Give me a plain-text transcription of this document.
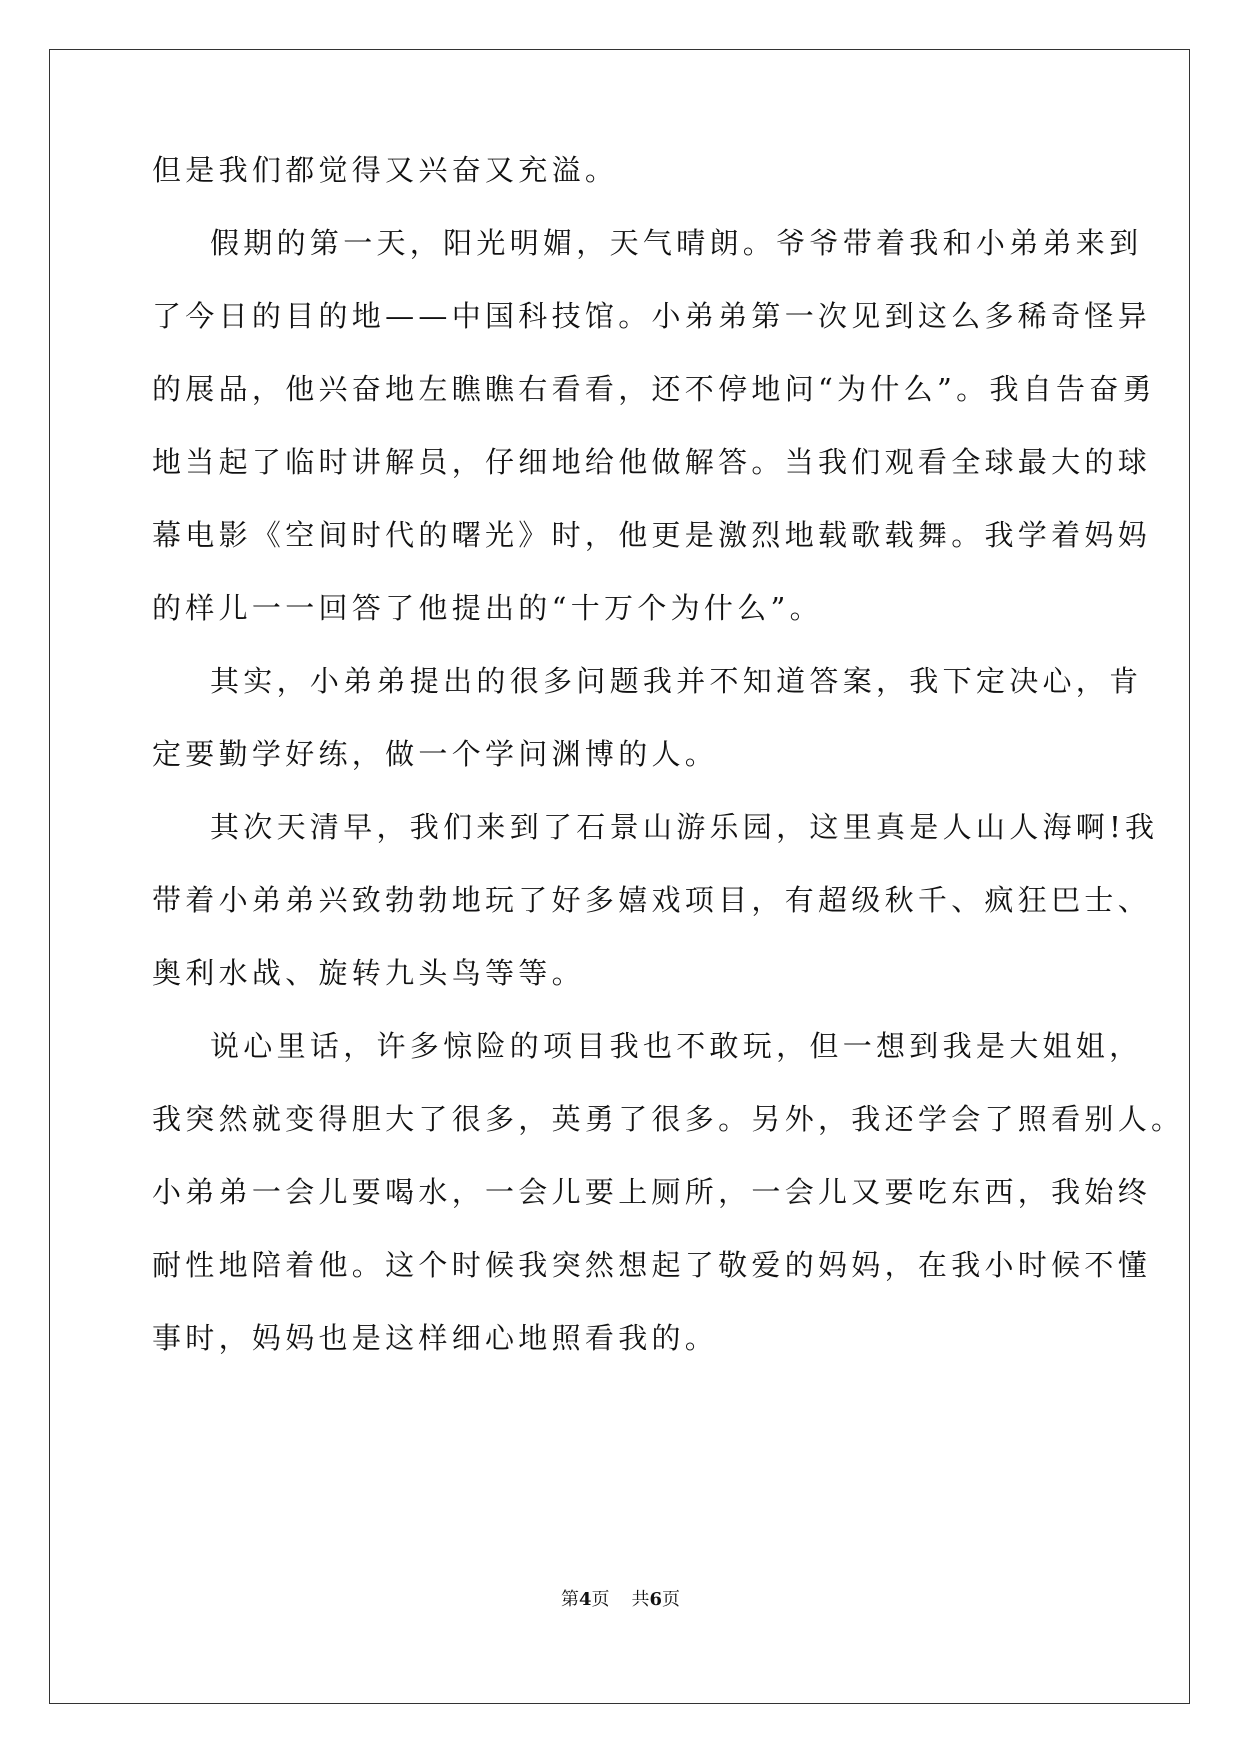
但是我们都觉得又兴奋又充溢。
假期的第一天，阳光明媚，天气晴朗。爷爷带着我和小弟弟来到
了今日的目的地——中国科技馆。小弟弟第一次见到这么多稀奇怪异
的展品，他兴奋地左瞧瞧右看看，还不停地问“为什么”。我自告奋勇
地当起了临时讲解员，仔细地给他做解答。当我们观看全球最大的球
幕电影《空间时代的曙光》时，他更是激烈地载歌载舞。我学着妈妈
的样儿一一回答了他提出的“十万个为什么”。
其实，小弟弟提出的很多问题我并不知道答案，我下定决心，肯
定要勤学好练，做一个学问渊博的人。
其次天清早，我们来到了石景山游乐园，这里真是人山人海啊!我
带着小弟弟兴致勃勃地玩了好多嬉戏项目，有超级秋千、疯狂巴士、
奥利水战、旋转九头鸟等等。
说心里话，许多惊险的项目我也不敢玩，但一想到我是大姐姐，
我突然就变得胆大了很多，英勇了很多。另外，我还学会了照看别人。
小弟弟一会儿要喝水，一会儿要上厕所，一会儿又要吃东西，我始终
耐性地陪着他。这个时候我突然想起了敬爱的妈妈，在我小时候不懂
事时，妈妈也是这样细心地照看我的。
第4页 共6页
